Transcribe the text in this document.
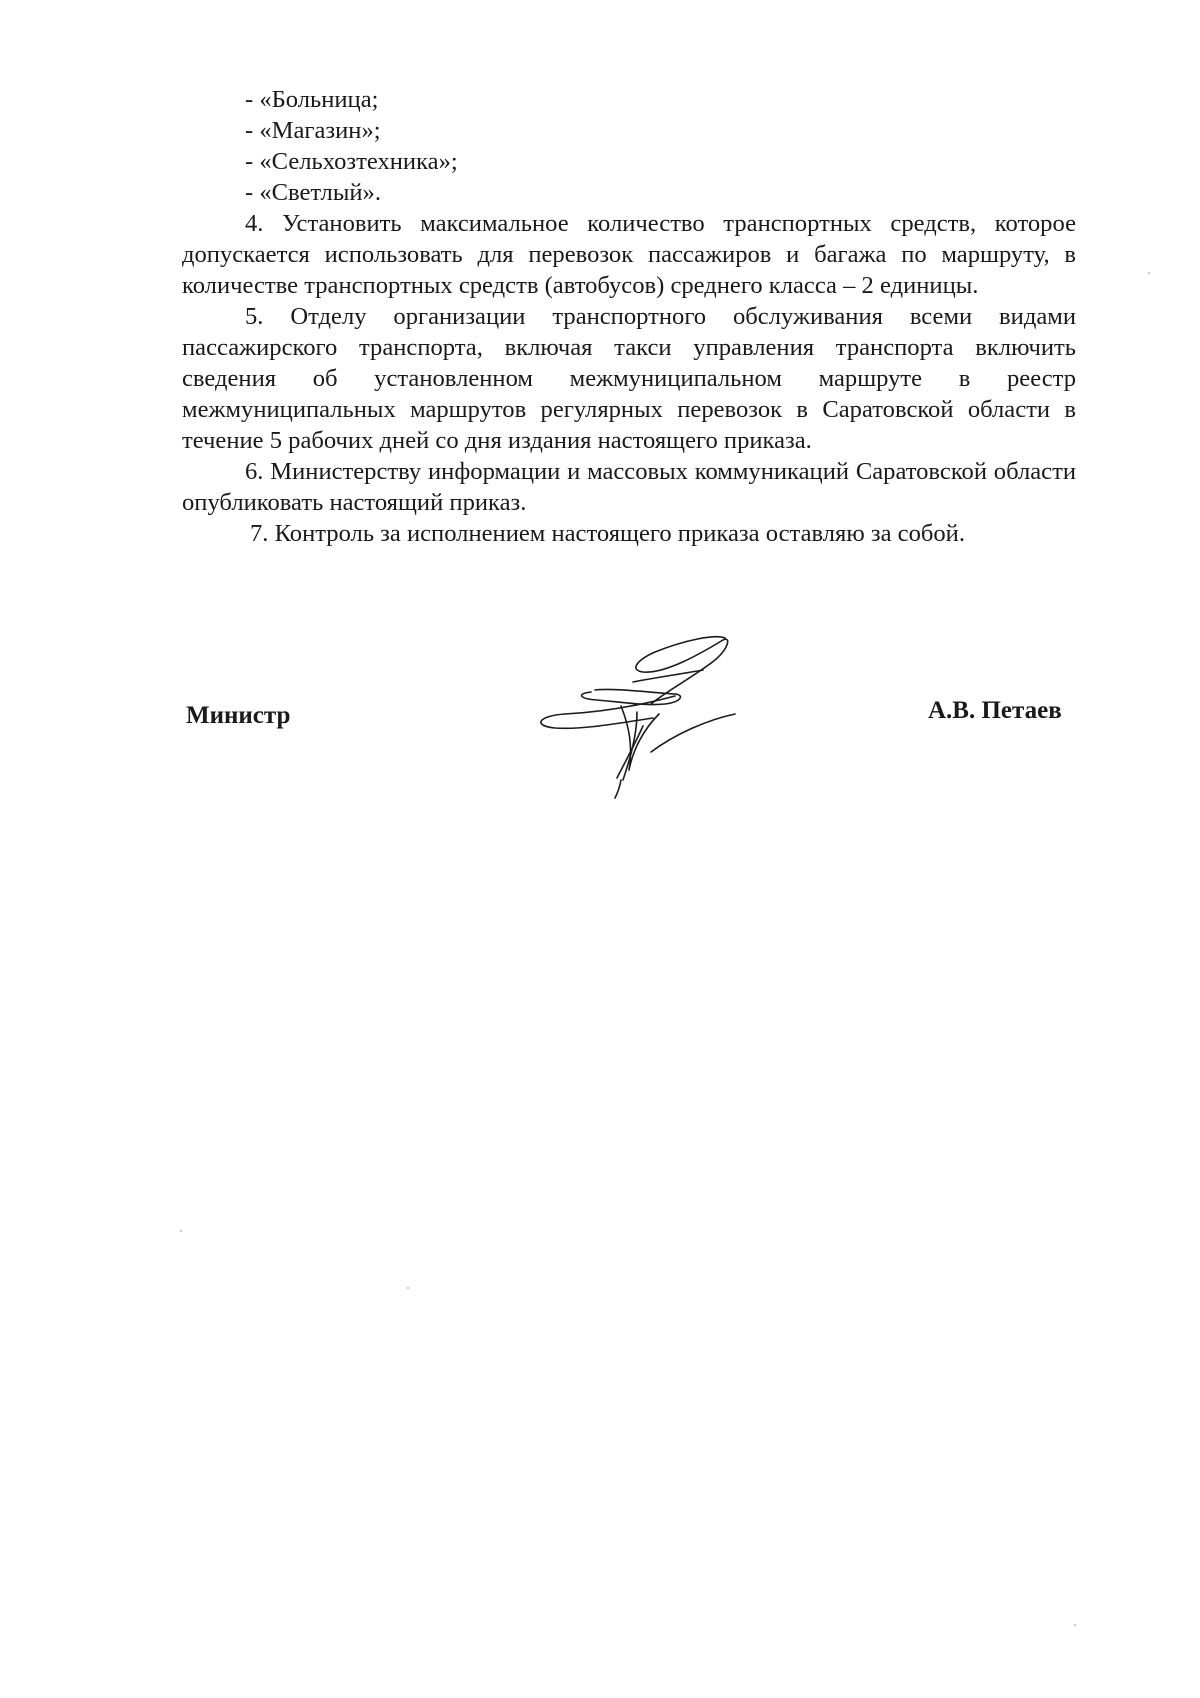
- «Больница;

- «Магазин»;

- «Сельхозтехника»;

- «Светлый».

4. Установить максимальное количество транспортных средств, которое допускается использовать для перевозок пассажиров и багажа по маршруту, в количестве транспортных средств (автобусов) среднего класса – 2 единицы.

5. Отделу организации транспортного обслуживания всеми видами пассажирского транспорта, включая такси управления транспорта включить сведения об установленном межмуниципальном маршруте в реестр межмуниципальных маршрутов регулярных перевозок в Саратовской области в течение 5 рабочих дней со дня издания настоящего приказа.

6. Министерству информации и массовых коммуникаций Саратовской области опубликовать настоящий приказ.

7. Контроль за исполнением настоящего приказа оставляю за собой.

Министр	А.В. Петаев
